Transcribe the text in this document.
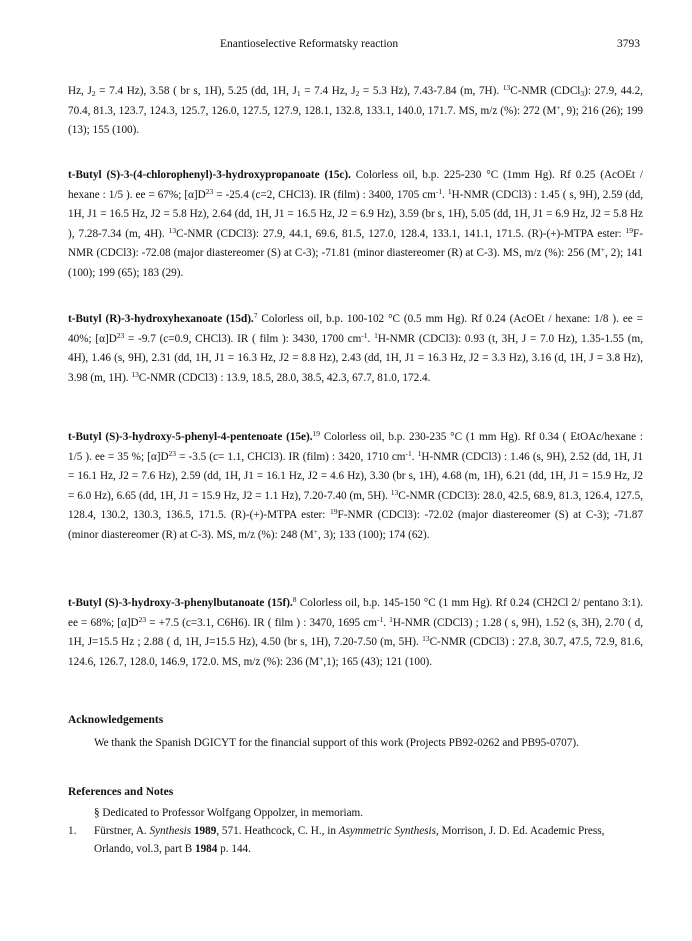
Enantioselective Reformatsky reaction	3793

Hz, $J_2 = 7.4$ Hz), 3.58 ( br s, 1H), 5.25 (dd, 1H, $J_1 = 7.4$ Hz, $J_2 = 5.3$ Hz), 7.43-7.84 (m, 7H). $^{13}$C-NMR (CDCl$_3$): 27.9, 44.2, 70.4, 81.3, 123.7, 124.3, 125.7, 126.0, 127.5, 127.9, 128.1, 132.8, 133.1, 140.0, 171.7. MS, m/z (%): 272 (M+, 9); 216 (26); 199 (13); 155 (100).

t-Butyl (S)-3-(4-chlorophenyl)-3-hydroxypropanoate (15c). Colorless oil, b.p. 225-230 °C (1mm Hg). Rf 0.25 (AcOEt / hexane : 1/5 ). ee = 67%; $[\alpha]D^{23} = -25.4$ (c=2, CHCl3). IR (film) : 3400, 1705 $cm^{-1}$. $^1$H-NMR (CDCl3) : 1.45 ( s, 9H), 2.59 (dd, 1H, J1 = 16.5 Hz, J2 = 5.8 Hz), 2.64 (dd, 1H, J1 = 16.5 Hz, J2 = 6.9 Hz), 3.59 (br s, 1H), 5.05 (dd, 1H, J1 = 6.9 Hz, J2 = 5.8 Hz ), 7.28-7.34 (m, 4H). $^{13}$C-NMR (CDCl3): 27.9, 44.1, 69.6, 81.5, 127.0, 128.4, 133.1, 141.1, 171.5. (R)-(+)-MTPA ester: $^{19}$F-NMR (CDCl3): -72.08 (major diastereomer (S) at C-3); -71.81 (minor diastereomer (R) at C-3). MS, m/z (%): 256 (M+, 2); 141 (100); 199 (65); 183 (29).

t-Butyl (R)-3-hydroxyhexanoate (15d).$^7$ Colorless oil, b.p. 100-102 °C (0.5 mm Hg). Rf 0.24 (AcOEt / hexane: 1/8 ). ee = 40%; $[\alpha]D^{23} = -9.7$ (c=0.9, CHCl3). IR ( film ): 3430, 1700 $cm^{-1}$. $^1$H-NMR (CDCl3): 0.93 (t, 3H, J = 7.0 Hz), 1.35-1.55 (m, 4H), 1.46 (s, 9H), 2.31 (dd, 1H, J1 = 16.3 Hz, J2 = 8.8 Hz), 2.43 (dd, 1H, J1 = 16.3 Hz, J2 = 3.3 Hz), 3.16 (d, 1H, J = 3.8 Hz), 3.98 (m, 1H). $^{13}$C-NMR (CDCl3) : 13.9, 18.5, 28.0, 38.5, 42.3, 67.7, 81.0, 172.4.

t-Butyl (S)-3-hydroxy-5-phenyl-4-pentenoate (15e).$^{19}$ Colorless oil, b.p. 230-235 °C (1 mm Hg). Rf 0.34 ( EtOAc/hexane : 1/5 ). ee = 35 %; $[\alpha]D^{23} = -3.5$ (c= 1.1, CHCl3). IR (film) : 3420, 1710 $cm^{-1}$. $^1$H-NMR (CDCl3) : 1.46 (s, 9H), 2.52 (dd, 1H, J1 = 16.1 Hz, J2 = 7.6 Hz), 2.59 (dd, 1H, J1 = 16.1 Hz, J2 = 4.6 Hz), 3.30 (br s, 1H), 4.68 (m, 1H), 6.21 (dd, 1H, J1 = 15.9 Hz, J2 = 6.0 Hz), 6.65 (dd, 1H, J1 = 15.9 Hz, J2 = 1.1 Hz), 7.20-7.40 (m, 5H). $^{13}$C-NMR (CDCl3): 28.0, 42.5, 68.9, 81.3, 126.4, 127.5, 128.4, 130.2, 130.3, 136.5, 171.5. (R)-(+)-MTPA ester: $^{19}$F-NMR (CDCl3): -72.02 (major diastereomer (S) at C-3); -71.87 (minor diastereomer (R) at C-3). MS, m/z (%): 248 (M+, 3); 133 (100); 174 (62).

t-Butyl (S)-3-hydroxy-3-phenylbutanoate (15f).$^8$ Colorless oil, b.p. 145-150 °C (1 mm Hg). Rf 0.24 (CH2Cl 2/ pentano 3:1). ee = 68%; $[\alpha]D^{23} = +7.5$ (c=3.1, C6H6). IR ( film ) : 3470, 1695 $cm^{-1}$. $^1$H-NMR (CDCl3) ; 1.28 ( s, 9H), 1.52 (s, 3H), 2.70 ( d, 1H, J=15.5 Hz ; 2.88 ( d, 1H, J=15.5 Hz), 4.50 (br s, 1H), 7.20-7.50 (m, 5H). $^{13}$C-NMR (CDCl3) : 27.8, 30.7, 47.5, 72.9, 81.6, 124.6, 126.7, 128.0, 146.9, 172.0. MS, m/z (%): 236 (M+,1); 165 (43); 121 (100).

Acknowledgements
We thank the Spanish DGICYT for the financial support of this work (Projects PB92-0262 and PB95-0707).
References and Notes
§ Dedicated to Professor Wolfgang Oppolzer, in memoriam.
1. Fürstner, A. Synthesis 1989, 571. Heathcock, C. H., in Asymmetric Synthesis, Morrison, J. D. Ed. Academic Press, Orlando, vol.3, part B 1984 p. 144.
